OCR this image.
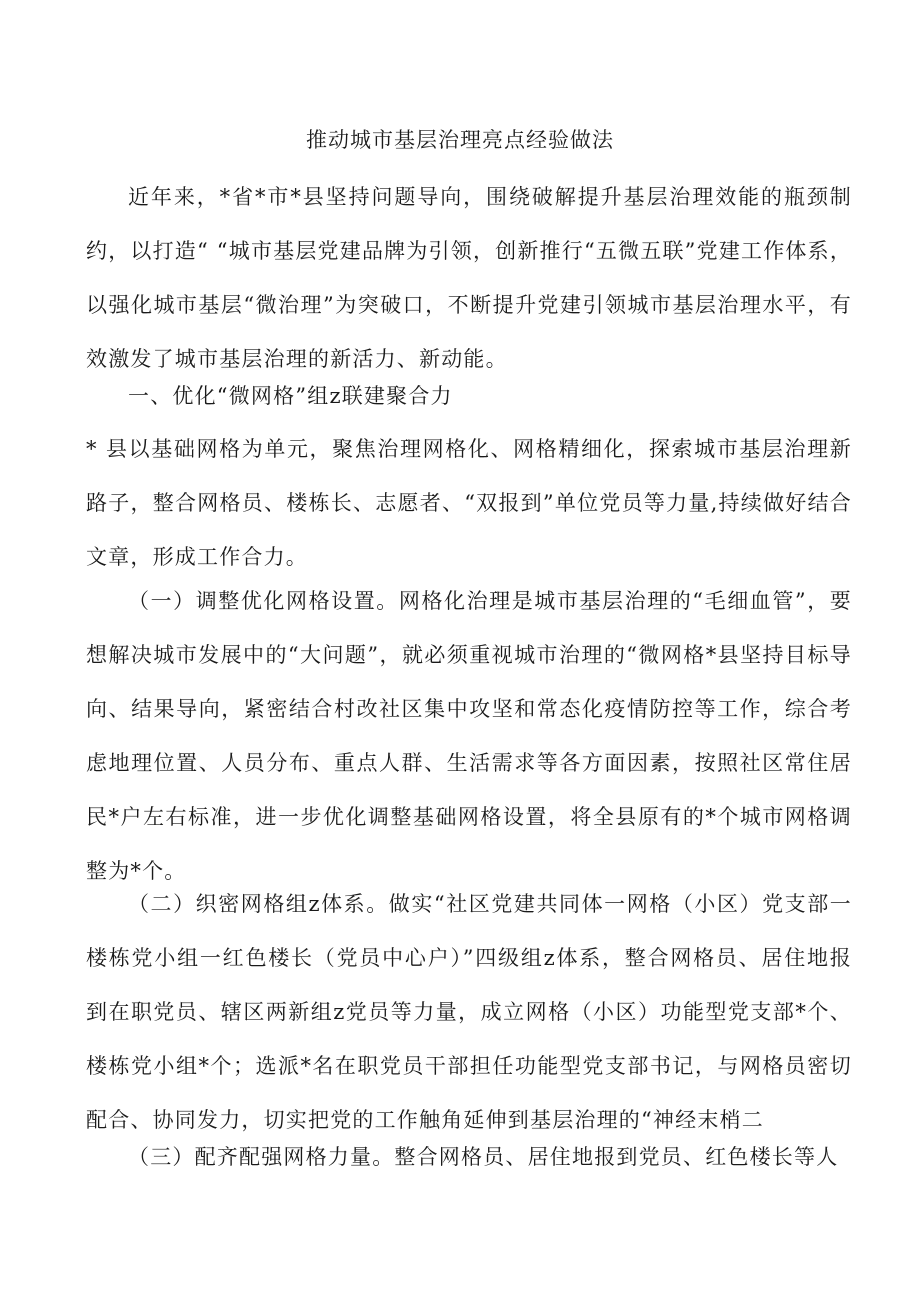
推动城市基层治理亮点经验做法

近年来，*省*市*县坚持问题导向，围绕破解提升基层治理效能的瓶颈制约，以打造“ “城市基层党建品牌为引领，创新推行“五微五联”党建工作体系，以强化城市基层“微治理”为突破口，不断提升党建引领城市基层治理水平，有效激发了城市基层治理的新活力、新动能。

一、优化“微网格”组z联建聚合力

* 县以基础网格为单元，聚焦治理网格化、网格精细化，探索城市基层治理新路子，整合网格员、楼栋长、志愿者、“双报到”单位党员等力量,持续做好结合文章，形成工作合力。

（一）调整优化网格设置。网格化治理是城市基层治理的“毛细血管”，要想解决城市发展中的“大问题”，就必须重视城市治理的“微网格*县坚持目标导向、结果导向，紧密结合村改社区集中攻坚和常态化疫情防控等工作，综合考虑地理位置、人员分布、重点人群、生活需求等各方面因素，按照社区常住居民*户左右标准，进一步优化调整基础网格设置，将全县原有的*个城市网格调整为*个。

（二）织密网格组z体系。做实“社区党建共同体一网格（小区）党支部一楼栋党小组一红色楼长（党员中心户）”四级组z体系，整合网格员、居住地报到在职党员、辖区两新组z党员等力量，成立网格（小区）功能型党支部*个、楼栋党小组*个；选派*名在职党员干部担任功能型党支部书记，与网格员密切配合、协同发力，切实把党的工作触角延伸到基层治理的“神经末梢二

（三）配齐配强网格力量。整合网格员、居住地报到党员、红色楼长等人
